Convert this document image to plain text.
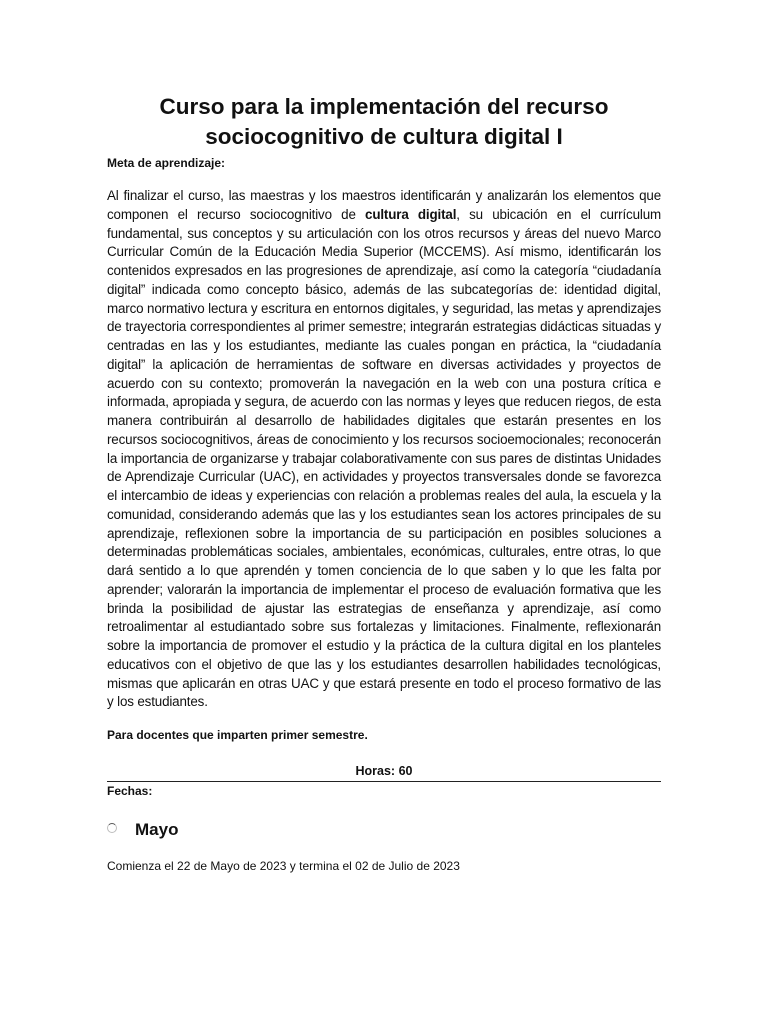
Curso para la implementación del recurso
sociocognitivo de cultura digital I
Meta de aprendizaje:

Al finalizar el curso, las maestras y los maestros identificarán y analizarán los elementos que componen el recurso sociocognitivo de cultura digital, su ubicación en el currículum fundamental, sus conceptos y su articulación con los otros recursos y áreas del nuevo Marco Curricular Común de la Educación Media Superior (MCCEMS). Así mismo, identificarán los contenidos expresados en las progresiones de aprendizaje, así como la categoría “ciudadanía digital” indicada como concepto básico, además de las subcategorías de: identidad digital, marco normativo lectura y escritura en entornos digitales, y seguridad, las metas y aprendizajes de trayectoria correspondientes al primer semestre; integrarán estrategias didácticas situadas y centradas en las y los estudiantes, mediante las cuales pongan en práctica, la “ciudadanía digital” la aplicación de herramientas de software en diversas actividades y proyectos de acuerdo con su contexto; promoverán la navegación en la web con una postura crítica e informada, apropiada y segura, de acuerdo con las normas y leyes que reducen riegos, de esta manera contribuirán al desarrollo de habilidades digitales que estarán presentes en los recursos sociocognitivos, áreas de conocimiento y los recursos socioemocionales; reconocerán la importancia de organizarse y trabajar colaborativamente con sus pares de distintas Unidades de Aprendizaje Curricular (UAC), en actividades y proyectos transversales donde se favorezca el intercambio de ideas y experiencias con relación a problemas reales del aula, la escuela y la comunidad, considerando además que las y los estudiantes sean los actores principales de su aprendizaje, reflexionen sobre la importancia de su participación en posibles soluciones a determinadas problemáticas sociales, ambientales, económicas, culturales, entre otras, lo que dará sentido a lo que aprendén y tomen conciencia de lo que saben y lo que les falta por aprender; valorarán la importancia de implementar el proceso de evaluación formativa que les brinda la posibilidad de ajustar las estrategias de enseñanza y aprendizaje, así como retroalimentar al estudiantado sobre sus fortalezas y limitaciones. Finalmente, reflexionarán sobre la importancia de promover el estudio y la práctica de la cultura digital en los planteles educativos con el objetivo de que las y los estudiantes desarrollen habilidades tecnológicas, mismas que aplicarán en otras UAC y que estará presente en todo el proceso formativo de las y los estudiantes.

Para docentes que imparten primer semestre.
Horas: 60
Fechas:
Mayo
Comienza el 22 de Mayo de 2023 y termina el 02 de Julio de 2023
